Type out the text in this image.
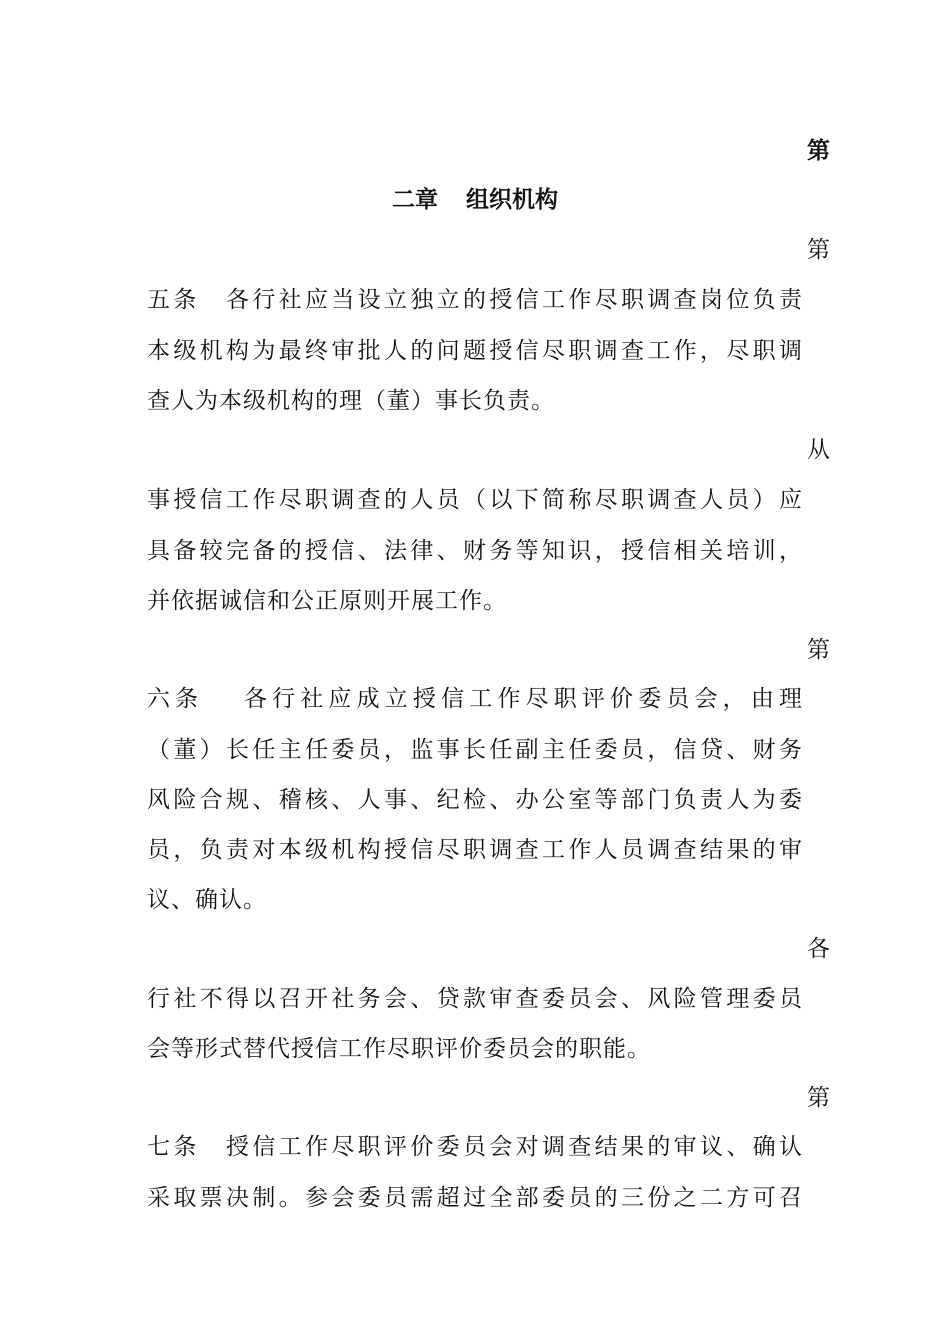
第
二章 组织机构
第
五条　各行社应当设立独立的授信工作尽职调查岗位负责
本级机构为最终审批人的问题授信尽职调查工作，尽职调
查人为本级机构的理（董）事长负责。
从
事授信工作尽职调查的人员（以下简称尽职调查人员）应
具备较完备的授信、法律、财务等知识，授信相关培训，
并依据诚信和公正原则开展工作。
第
六条　 各行社应成立授信工作尽职评价委员会，由理
（董）长任主任委员，监事长任副主任委员，信贷、财务
风险合规、稽核、人事、纪检、办公室等部门负责人为委
员，负责对本级机构授信尽职调查工作人员调查结果的审
议、确认。
各
行社不得以召开社务会、贷款审查委员会、风险管理委员
会等形式替代授信工作尽职评价委员会的职能。
第
七条　授信工作尽职评价委员会对调查结果的审议、确认
采取票决制。参会委员需超过全部委员的三份之二方可召
